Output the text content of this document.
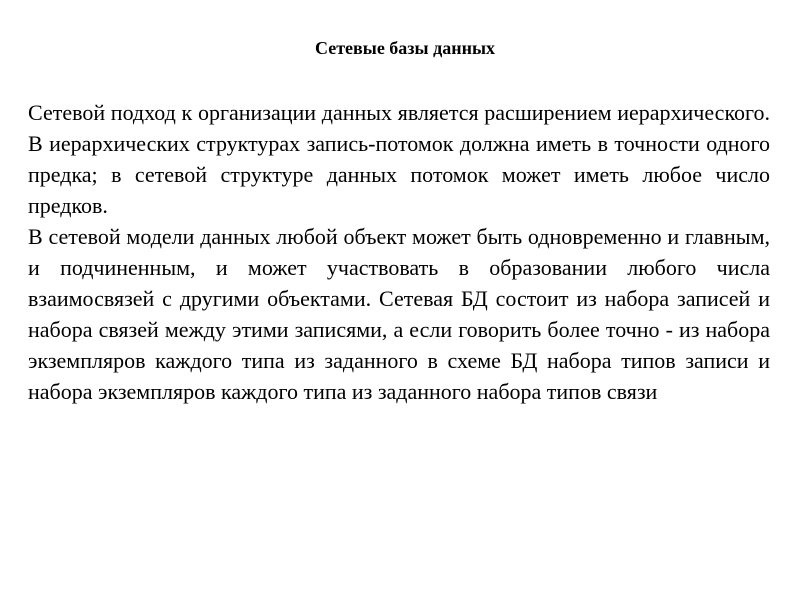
Сетевые базы данных

Сетевой подход к организации данных является расширением иерархического. В иерархических структурах запись-потомок должна иметь в точности одного предка; в сетевой структуре данных потомок может иметь любое число предков.

В сетевой модели данных любой объект может быть одновременно и главным, и подчиненным, и может участвовать в образовании любого числа взаимосвязей с другими объектами. Сетевая БД состоит из набора записей и набора связей между этими записями, а если говорить более точно - из набора экземпляров каждого типа из заданного в схеме БД набора типов записи и набора экземпляров каждого типа из заданного набора типов связи
